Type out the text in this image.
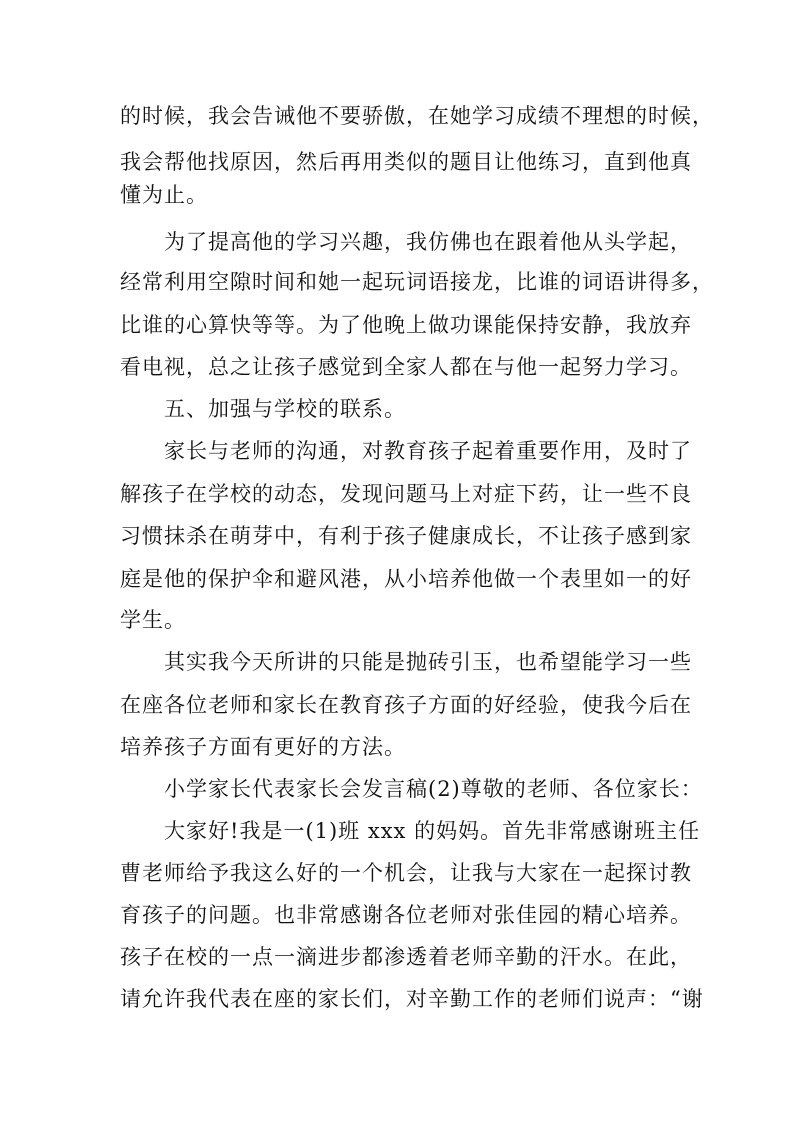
的时候，我会告诫他不要骄傲，在她学习成绩不理想的时候，
我会帮他找原因，然后再用类似的题目让他练习，直到他真
懂为止。
为了提高他的学习兴趣，我仿佛也在跟着他从头学起，
经常利用空隙时间和她一起玩词语接龙，比谁的词语讲得多，
比谁的心算快等等。为了他晚上做功课能保持安静，我放弃
看电视，总之让孩子感觉到全家人都在与他一起努力学习。
五、加强与学校的联系。
家长与老师的沟通，对教育孩子起着重要作用，及时了
解孩子在学校的动态，发现问题马上对症下药，让一些不良
习惯抹杀在萌芽中，有利于孩子健康成长，不让孩子感到家
庭是他的保护伞和避风港，从小培养他做一个表里如一的好
学生。
其实我今天所讲的只能是抛砖引玉，也希望能学习一些
在座各位老师和家长在教育孩子方面的好经验，使我今后在
培养孩子方面有更好的方法。
小学家长代表家长会发言稿(2)尊敬的老师、各位家长：
大家好!我是一(1)班 xxx 的妈妈。首先非常感谢班主任
曹老师给予我这么好的一个机会，让我与大家在一起探讨教
育孩子的问题。也非常感谢各位老师对张佳园的精心培养。
孩子在校的一点一滴进步都渗透着老师辛勤的汗水。在此，
请允许我代表在座的家长们，对辛勤工作的老师们说声：“谢
